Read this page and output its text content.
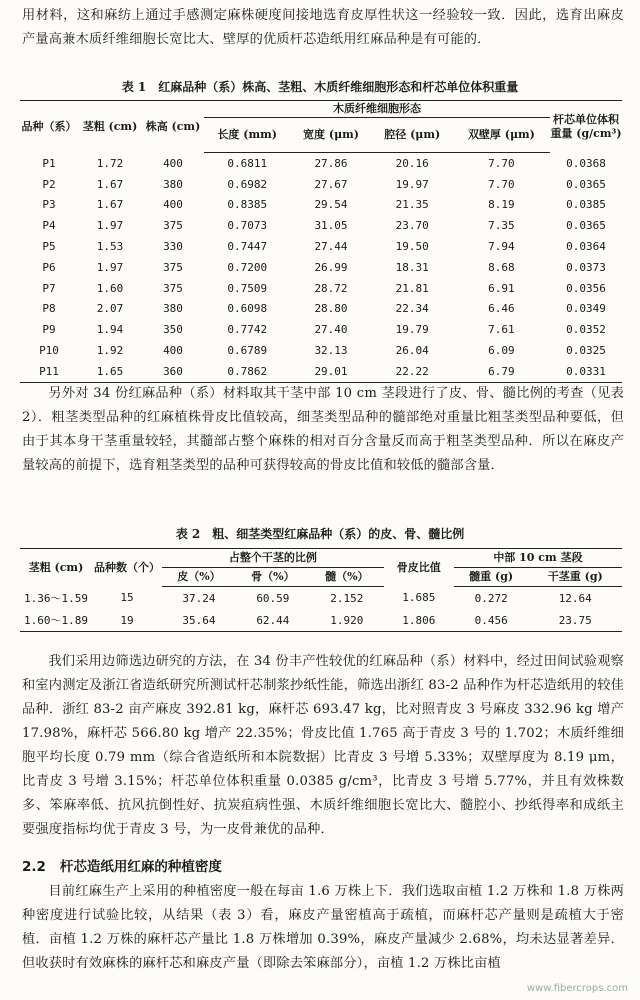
用材料，这和麻纺上通过手感测定麻株硬度间接地选育皮厚性状这一经验较一致．因此，选育出麻皮产量高兼木质纤维细胞长宽比大、壁厚的优质杆芯造纸用红麻品种是有可能的．

表 1　红麻品种（系）株高、茎粗、木质纤维细胞形态和杆芯单位体积重量

品种（系）	茎粗 (cm)	株高 (cm)	木质纤维细胞形态				杆芯单位体积重量 (g/cm³)
			长度 (mm)	宽度 (μm)	腔径 (μm)	双壁厚 (μm)	
P1	1.72	400	0.6811	27.86	20.16	7.70	0.0368
P2	1.67	380	0.6982	27.67	19.97	7.70	0.0365
P3	1.67	400	0.8385	29.54	21.35	8.19	0.0385
P4	1.97	375	0.7073	31.05	23.70	7.35	0.0365
P5	1.53	330	0.7447	27.44	19.50	7.94	0.0364
P6	1.97	375	0.7200	26.99	18.31	8.68	0.0373
P7	1.60	375	0.7509	28.72	21.81	6.91	0.0356
P8	2.07	380	0.6098	28.80	22.34	6.46	0.0349
P9	1.94	350	0.7742	27.40	19.79	7.61	0.0352
P10	1.92	400	0.6789	32.13	26.04	6.09	0.0325
P11	1.65	360	0.7862	29.01	22.22	6.79	0.0331

另外对 34 份红麻品种（系）材料取其干茎中部 10 cm 茎段进行了皮、骨、髓比例的考查（见表 2）．粗茎类型品种的红麻植株骨皮比值较高，细茎类型品种的髓部绝对重量比粗茎类型品种要低，但由于其本身干茎重量较轻，其髓部占整个麻株的相对百分含量反而高于粗茎类型品种．所以在麻皮产量较高的前提下，选育粗茎类型的品种可获得较高的骨皮比值和较低的髓部含量．

表 2　粗、细茎类型红麻品种（系）的皮、骨、髓比例

茎粗 (cm)	品种数（个）	占整个干茎的比例			骨皮比值	中部 10 cm 茎段	
		皮（%）	骨（%）	髓（%）		髓重 (g)	干茎重 (g)
1.36～1.59	15	37.24	60.59	2.152	1.685	0.272	12.64
1.60～1.89	19	35.64	62.44	1.920	1.806	0.456	23.75

我们采用边筛选边研究的方法，在 34 份丰产性较优的红麻品种（系）材料中，经过田间试验观察和室内测定及浙江省造纸研究所测试杆芯制浆抄纸性能，筛选出浙红 83-2 品种作为杆芯造纸用的较佳品种．浙红 83-2 亩产麻皮 392.81 kg，麻杆芯 693.47 kg，比对照青皮 3 号麻皮 332.96 kg 增产 17.98%，麻杆芯 566.80 kg 增产 22.35%；骨皮比值 1.765 高于青皮 3 号的 1.702；木质纤维细胞平均长度 0.79 mm（综合省造纸所和本院数据）比青皮 3 号增 5.33%；双壁厚度为 8.19 μm，比青皮 3 号增 3.15%；杆芯单位体积重量 0.0385 g/cm³，比青皮 3 号增 5.77%，并且有效株数多、笨麻率低、抗风抗倒性好、抗炭疽病性强、木质纤维细胞长宽比大、髓腔小、抄纸得率和成纸主要强度指标均优于青皮 3 号，为一皮骨兼优的品种．

2.2 杆芯造纸用红麻的种植密度

目前红麻生产上采用的种植密度一般在每亩 1.6 万株上下．我们选取亩植 1.2 万株和 1.8 万株两种密度进行试验比较，从结果（表 3）看，麻皮产量密植高于疏植，而麻杆芯产量则是疏植大于密植．亩植 1.2 万株的麻杆芯产量比 1.8 万株增加 0.39%，麻皮产量减少 2.68%，均未达显著差异．但收获时有效麻株的麻杆芯和麻皮产量（即除去笨麻部分），亩植 1.2 万株比亩植

www.fibercrops.com
